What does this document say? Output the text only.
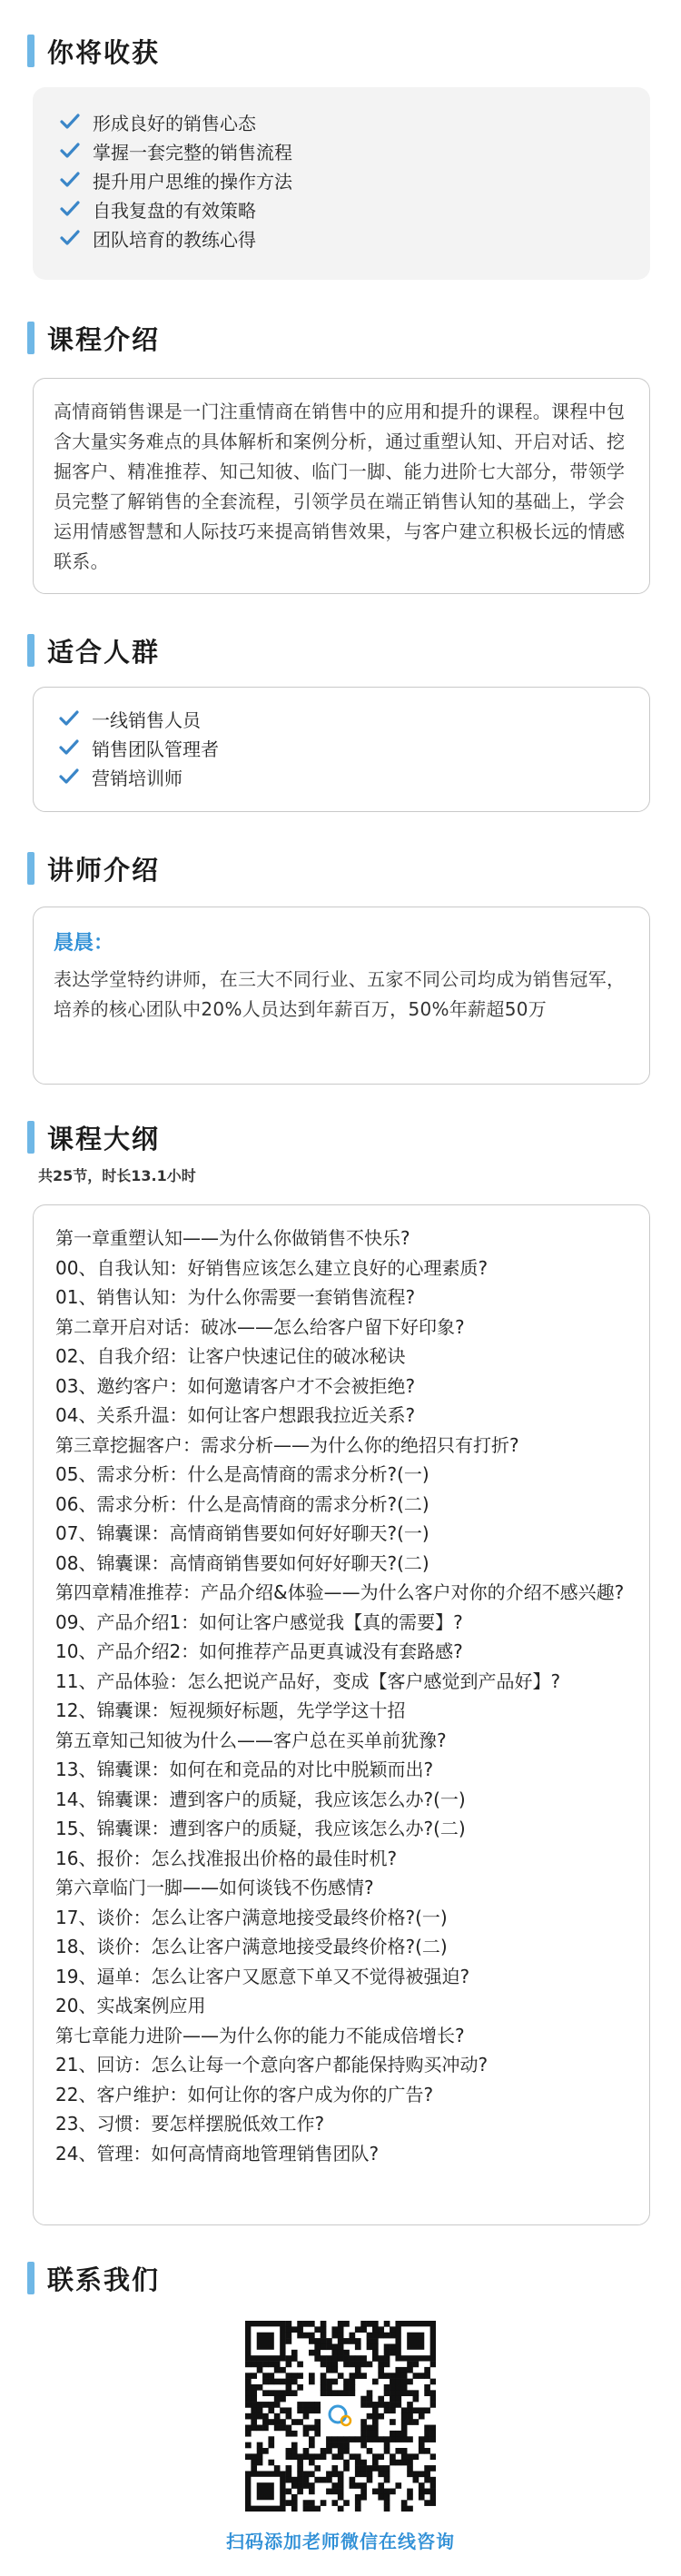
你将收获
形成良好的销售心态
掌握一套完整的销售流程
提升用户思维的操作方法
自我复盘的有效策略
团队培育的教练心得
课程介绍

高情商销售课是一门注重情商在销售中的应用和提升的课程。课程中包含大量实务难点的具体解析和案例分析，通过重塑认知、开启对话、挖掘客户、精准推荐、知己知彼、临门一脚、能力进阶七大部分，带领学员完整了解销售的全套流程，引领学员在端正销售认知的基础上，学会运用情感智慧和人际技巧来提高销售效果，与客户建立积极长远的情感联系。

适合人群
一线销售人员
销售团队管理者
营销培训师
讲师介绍
晨晨：

表达学堂特约讲师，在三大不同行业、五家不同公司均成为销售冠军，培养的核心团队中20%人员达到年薪百万，50%年薪超50万

课程大纲
共25节，时长13.1小时
第一章重塑认知——为什么你做销售不快乐?
00、自我认知：好销售应该怎么建立良好的心理素质?
01、销售认知：为什么你需要一套销售流程?
第二章开启对话：破冰——怎么给客户留下好印象?
02、自我介绍：让客户快速记住的破冰秘诀
03、邀约客户：如何邀请客户才不会被拒绝?
04、关系升温：如何让客户想跟我拉近关系?
第三章挖掘客户：需求分析——为什么你的绝招只有打折?
05、需求分析：什么是高情商的需求分析?(一)
06、需求分析：什么是高情商的需求分析?(二)
07、锦囊课：高情商销售要如何好好聊天?(一)
08、锦囊课：高情商销售要如何好好聊天?(二)
第四章精准推荐：产品介绍&体验——为什么客户对你的介绍不感兴趣?
09、产品介绍1：如何让客户感觉我【真的需要】?
10、产品介绍2：如何推荐产品更真诚没有套路感?
11、产品体验：怎么把说产品好，变成【客户感觉到产品好】?
12、锦囊课：短视频好标题，先学学这十招
第五章知己知彼为什么——客户总在买单前犹豫?
13、锦囊课：如何在和竞品的对比中脱颖而出?
14、锦囊课：遭到客户的质疑，我应该怎么办?(一)
15、锦囊课：遭到客户的质疑，我应该怎么办?(二)
16、报价：怎么找准报出价格的最佳时机?
第六章临门一脚——如何谈钱不伤感情?
17、谈价：怎么让客户满意地接受最终价格?(一)
18、谈价：怎么让客户满意地接受最终价格?(二)
19、逼单：怎么让客户又愿意下单又不觉得被强迫?
20、实战案例应用
第七章能力进阶——为什么你的能力不能成倍增长?
21、回访：怎么让每一个意向客户都能保持购买冲动?
22、客户维护：如何让你的客户成为你的广告?
23、习惯：要怎样摆脱低效工作?
24、管理：如何高情商地管理销售团队?
联系我们
扫码添加老师微信在线咨询
